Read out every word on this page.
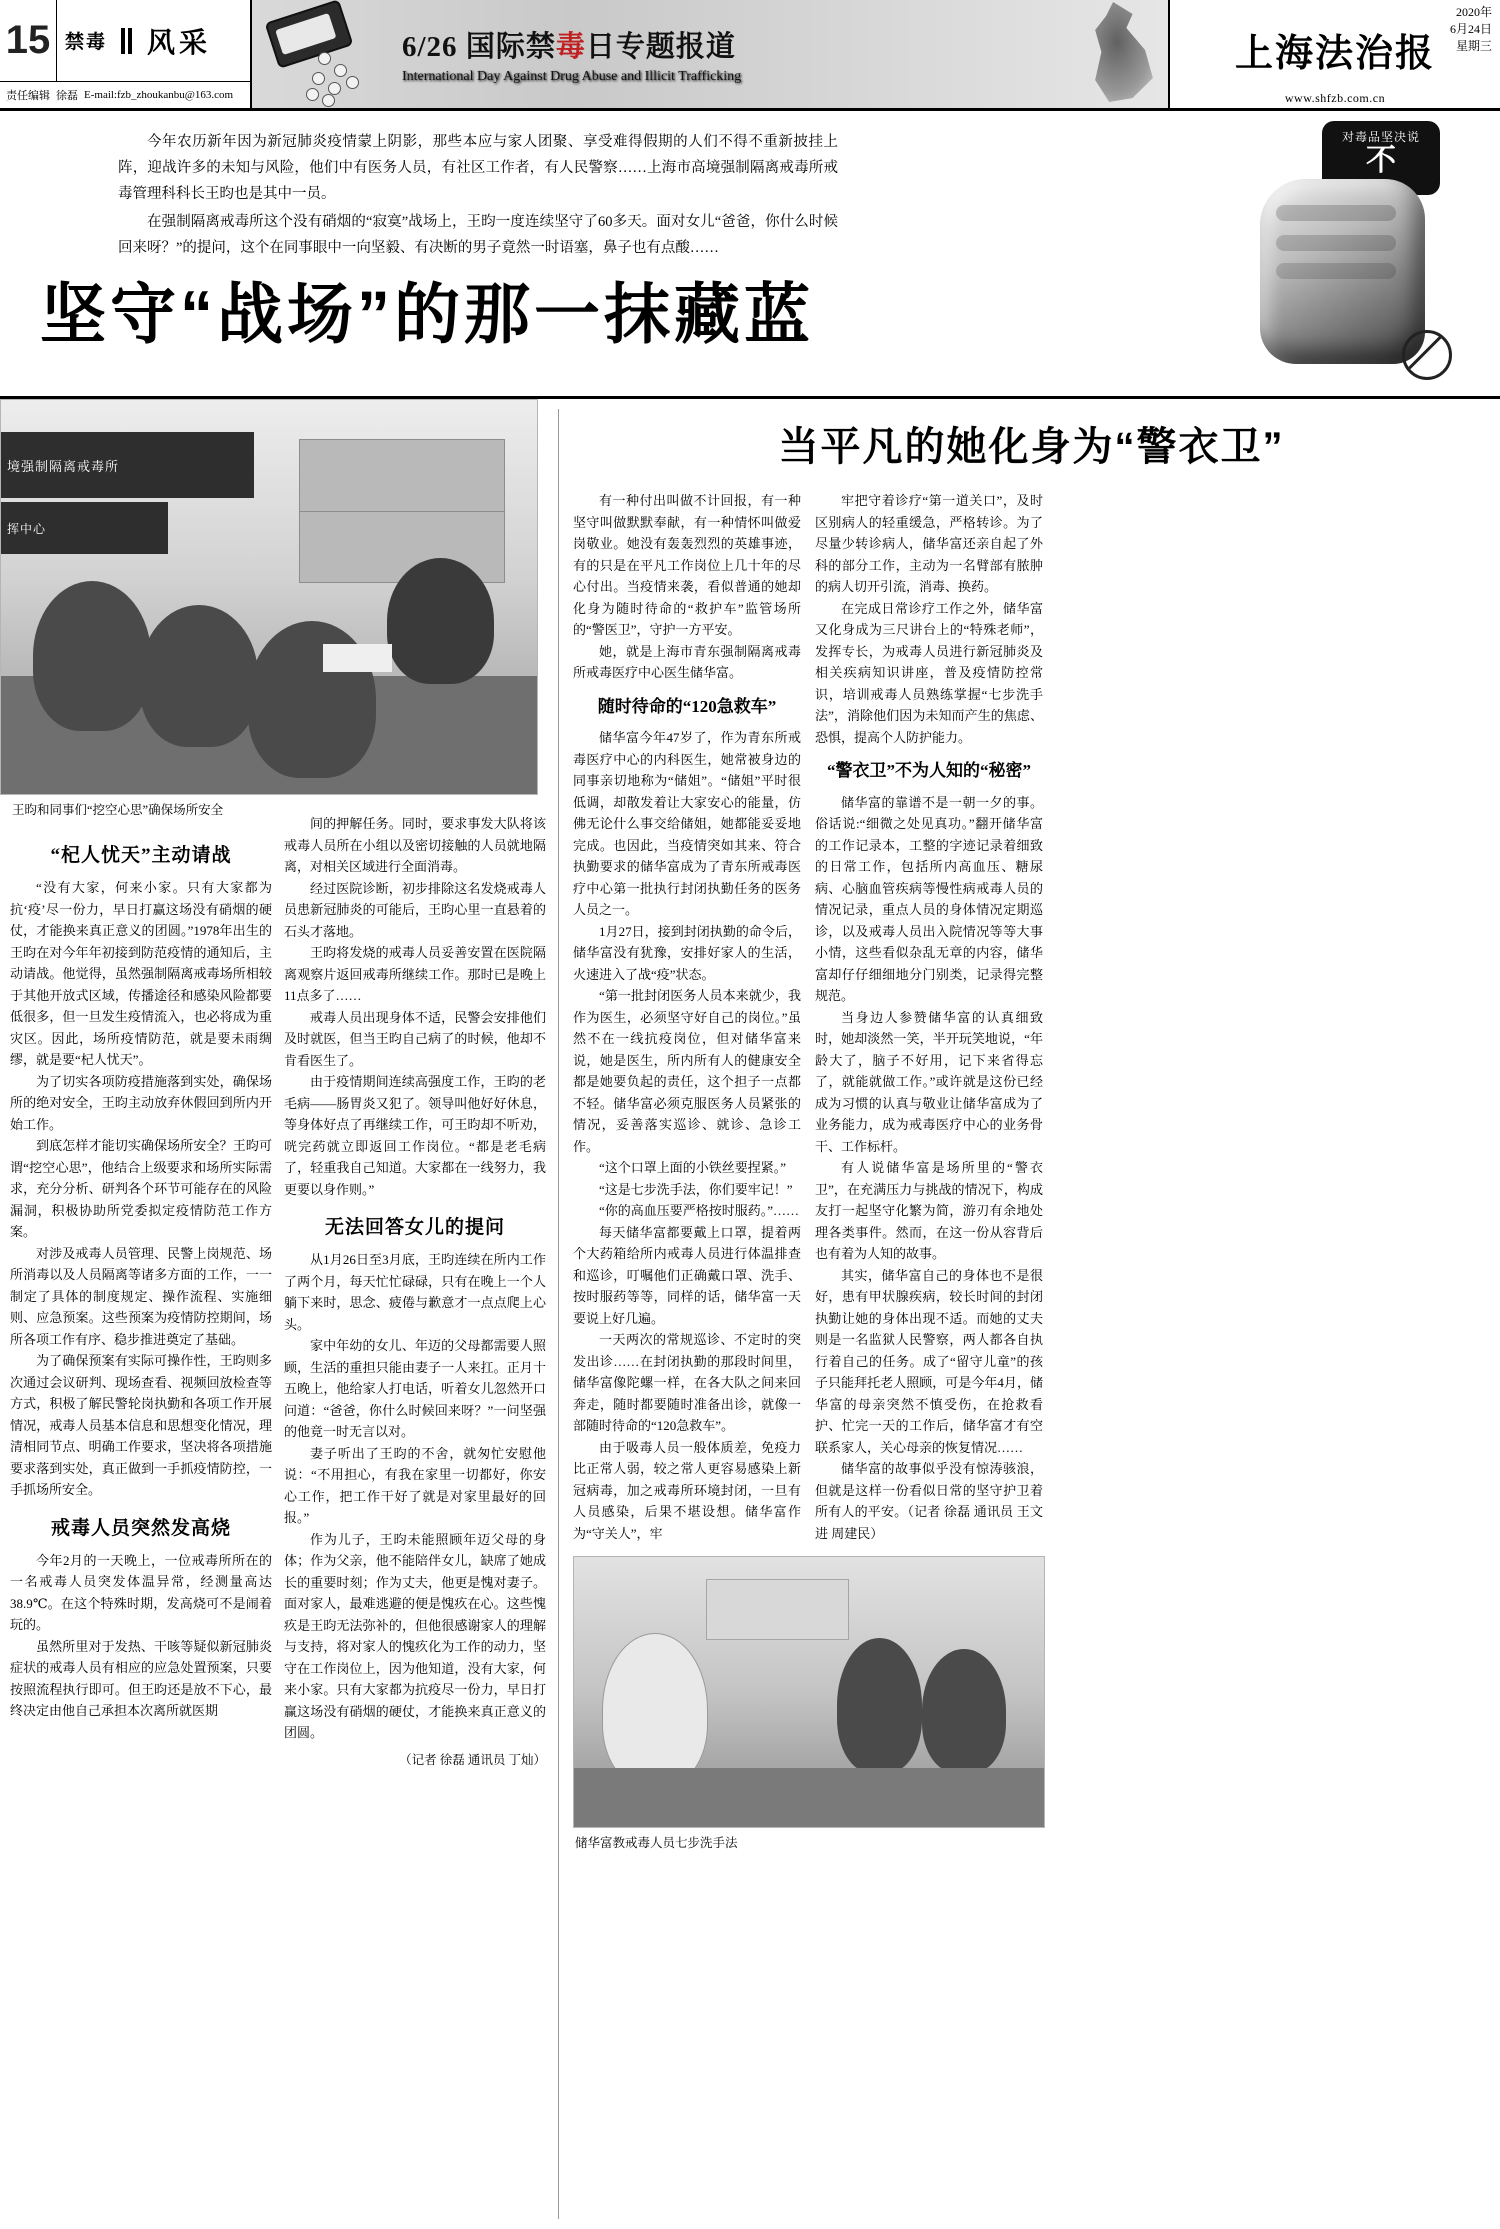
15 禁毒 风采
责任编辑 徐磊 E-mail:fzb_zhoukanbu@163.com
6/26 国际禁毒日专题报道
International Day Against Drug Abuse and Illicit Trafficking
2020年
6月24日
星期三
上海法治报
www.shfzb.com.cn

今年农历新年因为新冠肺炎疫情蒙上阴影，那些本应与家人团聚、享受难得假期的人们不得不重新披挂上阵，迎战许多的未知与风险，他们中有医务人员，有社区工作者，有人民警察……上海市高境强制隔离戒毒所戒毒管理科科长王昀也是其中一员。

在强制隔离戒毒所这个没有硝烟的“寂寞”战场上，王昀一度连续坚守了60多天。面对女儿“爸爸，你什么时候回来呀？”的提问，这个在同事眼中一向坚毅、有决断的男子竟然一时语塞，鼻子也有点酸……

坚守“战场”的那一抹藏蓝
对毒品坚决说
不
境强制隔离戒毒所
挥中心
王昀和同事们“挖空心思”确保场所安全
“杞人忧天”主动请战

“没有大家，何来小家。只有大家都为抗‘疫’尽一份力，早日打赢这场没有硝烟的硬仗，才能换来真正意义的团圆。”1978年出生的王昀在对今年年初接到防范疫情的通知后，主动请战。他觉得，虽然强制隔离戒毒场所相较于其他开放式区域，传播途径和感染风险都要低很多，但一旦发生疫情流入，也必将成为重灾区。因此，场所疫情防范，就是要未雨绸缪，就是要“杞人忧天”。

为了切实各项防疫措施落到实处，确保场所的绝对安全，王昀主动放弃休假回到所内开始工作。

到底怎样才能切实确保场所安全？王昀可谓“挖空心思”，他结合上级要求和场所实际需求，充分分析、研判各个环节可能存在的风险漏洞，积极协助所党委拟定疫情防范工作方案。

对涉及戒毒人员管理、民警上岗规范、场所消毒以及人员隔离等诸多方面的工作，一一制定了具体的制度规定、操作流程、实施细则、应急预案。这些预案为疫情防控期间，场所各项工作有序、稳步推进奠定了基础。

为了确保预案有实际可操作性，王昀则多次通过会议研判、现场查看、视频回放检查等方式，积极了解民警轮岗执勤和各项工作开展情况，戒毒人员基本信息和思想变化情况，理清相同节点、明确工作要求，坚决将各项措施要求落到实处，真正做到一手抓疫情防控，一手抓场所安全。

戒毒人员突然发高烧

今年2月的一天晚上，一位戒毒所所在的一名戒毒人员突发体温异常，经测量高达38.9℃。在这个特殊时期，发高烧可不是闹着玩的。

虽然所里对于发热、干咳等疑似新冠肺炎症状的戒毒人员有相应的应急处置预案，只要按照流程执行即可。但王昀还是放不下心，最终决定由他自己承担本次离所就医期

间的押解任务。同时，要求事发大队将该戒毒人员所在小组以及密切接触的人员就地隔离，对相关区域进行全面消毒。

经过医院诊断，初步排除这名发烧戒毒人员患新冠肺炎的可能后，王昀心里一直悬着的石头才落地。

王昀将发烧的戒毒人员妥善安置在医院隔离观察片返回戒毒所继续工作。那时已是晚上11点多了……

戒毒人员出现身体不适，民警会安排他们及时就医，但当王昀自己病了的时候，他却不肯看医生了。

由于疫情期间连续高强度工作，王昀的老毛病——肠胃炎又犯了。领导叫他好好休息，等身体好点了再继续工作，可王昀却不听劝，咣完药就立即返回工作岗位。“都是老毛病了，轻重我自己知道。大家都在一线努力，我更要以身作则。”

无法回答女儿的提问

从1月26日至3月底，王昀连续在所内工作了两个月，每天忙忙碌碌，只有在晚上一个人躺下来时，思念、疲倦与歉意才一点点爬上心头。

家中年幼的女儿、年迈的父母都需要人照顾，生活的重担只能由妻子一人来扛。正月十五晚上，他给家人打电话，听着女儿忽然开口问道：“爸爸，你什么时候回来呀？”一问坚强的他竟一时无言以对。

妻子听出了王昀的不舍，就匆忙安慰他说：“不用担心，有我在家里一切都好，你安心工作，把工作干好了就是对家里最好的回报。”

作为儿子，王昀未能照顾年迈父母的身体；作为父亲，他不能陪伴女儿，缺席了她成长的重要时刻；作为丈夫，他更是愧对妻子。面对家人，最难逃避的便是愧疚在心。这些愧疚是王昀无法弥补的，但他很感谢家人的理解与支持，将对家人的愧疚化为工作的动力，坚守在工作岗位上，因为他知道，没有大家，何来小家。只有大家都为抗疫尽一份力，早日打赢这场没有硝烟的硬仗，才能换来真正意义的团圆。

（记者 徐磊 通讯员 丁灿）
当平凡的她化身为“警衣卫”

有一种付出叫做不计回报，有一种坚守叫做默默奉献，有一种情怀叫做爱岗敬业。她没有轰轰烈烈的英雄事迹，有的只是在平凡工作岗位上几十年的尽心付出。当疫情来袭，看似普通的她却化身为随时待命的“救护车”监管场所的“警医卫”，守护一方平安。

她，就是上海市青东强制隔离戒毒所戒毒医疗中心医生储华富。

随时待命的“120急救车”

储华富今年47岁了，作为青东所戒毒医疗中心的内科医生，她常被身边的同事亲切地称为“储姐”。“储姐”平时很低调，却散发着让大家安心的能量，仿佛无论什么事交给储姐，她都能妥妥地完成。也因此，当疫情突如其来、符合执勤要求的储华富成为了青东所戒毒医疗中心第一批执行封闭执勤任务的医务人员之一。

1月27日，接到封闭执勤的命令后，储华富没有犹豫，安排好家人的生活，火速进入了战“疫”状态。

“第一批封闭医务人员本来就少，我作为医生，必须坚守好自己的岗位。”虽然不在一线抗疫岗位，但对储华富来说，她是医生，所内所有人的健康安全都是她要负起的责任，这个担子一点都不轻。储华富必须克服医务人员紧张的情况，妥善落实巡诊、就诊、急诊工作。

“这个口罩上面的小铁丝要捏紧。”

“这是七步洗手法，你们要牢记！”

“你的高血压要严格按时服药。”……

每天储华富都要戴上口罩，提着两个大药箱给所内戒毒人员进行体温排查和巡诊，叮嘱他们正确戴口罩、洗手、按时服药等等，同样的话，储华富一天要说上好几遍。

一天两次的常规巡诊、不定时的突发出诊……在封闭执勤的那段时间里，储华富像陀螺一样，在各大队之间来回奔走，随时都要随时准备出诊，就像一部随时待命的“120急救车”。

由于吸毒人员一般体质差，免疫力比正常人弱，较之常人更容易感染上新冠病毒，加之戒毒所环境封闭，一旦有人员感染，后果不堪设想。储华富作为“守关人”，牢

牢把守着诊疗“第一道关口”，及时区别病人的轻重缓急，严格转诊。为了尽量少转诊病人，储华富还亲自起了外科的部分工作，主动为一名臂部有脓肿的病人切开引流，消毒、换药。

在完成日常诊疗工作之外，储华富又化身成为三尺讲台上的“特殊老师”，发挥专长，为戒毒人员进行新冠肺炎及相关疾病知识讲座，普及疫情防控常识，培训戒毒人员熟练掌握“七步洗手法”，消除他们因为未知而产生的焦虑、恐惧，提高个人防护能力。

“警衣卫”不为人知的“秘密”

储华富的靠谱不是一朝一夕的事。俗话说:“细微之处见真功。”翻开储华富的工作记录本，工整的字迹记录着细致的日常工作，包括所内高血压、糖尿病、心脑血管疾病等慢性病戒毒人员的情况记录，重点人员的身体情况定期巡诊，以及戒毒人员出入院情况等等大事小情，这些看似杂乱无章的内容，储华富却仔仔细细地分门别类，记录得完整规范。

当身边人参赞储华富的认真细致时，她却淡然一笑，半开玩笑地说，“年龄大了，脑子不好用，记下来省得忘了，就能就做工作。”或许就是这份已经成为习惯的认真与敬业让储华富成为了业务能力，成为戒毒医疗中心的业务骨干、工作标杆。

有人说储华富是场所里的“警衣卫”，在充满压力与挑战的情况下，构成友打一起坚守化繁为简，游刃有余地处理各类事件。然而，在这一份从容背后也有着为人知的故事。

其实，储华富自己的身体也不是很好，患有甲状腺疾病，较长时间的封闭执勤让她的身体出现不适。而她的丈夫则是一名监狱人民警察，两人都各自执行着自己的任务。成了“留守儿童”的孩子只能拜托老人照顾，可是今年4月，储华富的母亲突然不慎受伤，在抢救看护、忙完一天的工作后，储华富才有空联系家人，关心母亲的恢复情况……

储华富的故事似乎没有惊涛骇浪，但就是这样一份看似日常的坚守护卫着所有人的平安。（记者 徐磊 通讯员 王文进 周建民）

储华富教戒毒人员七步洗手法
